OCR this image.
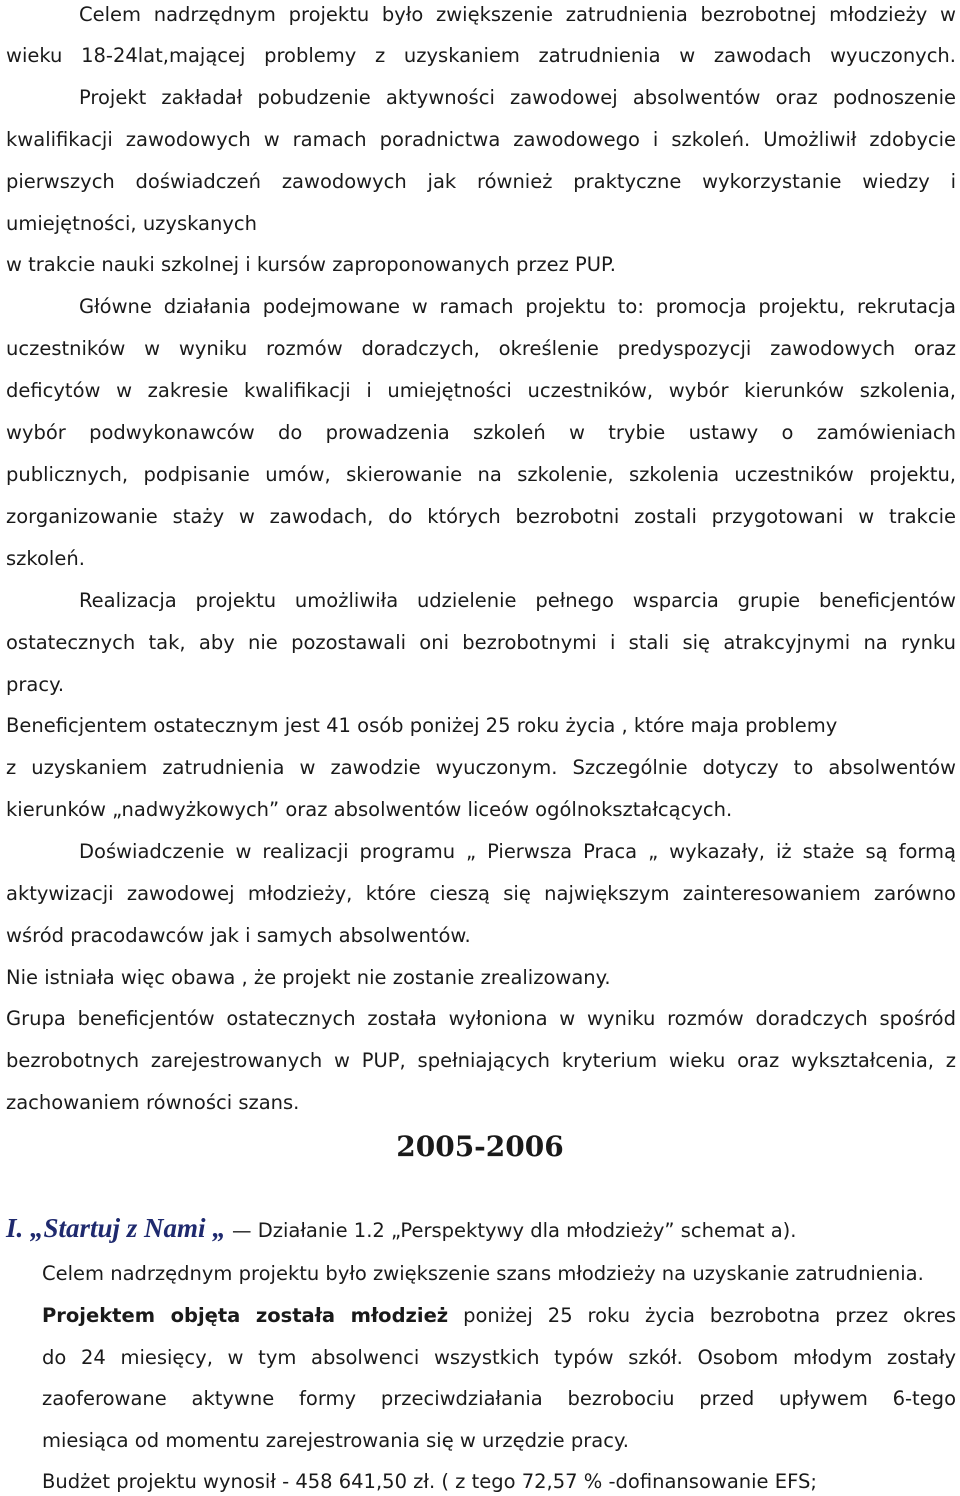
Celem nadrzędnym projektu było zwiększenie zatrudnienia bezrobotnej młodzieży w
wieku 18-24lat,mającej problemy z uzyskaniem zatrudnienia w zawodach wyuczonych.
Projekt zakładał pobudzenie aktywności zawodowej absolwentów oraz podnoszenie
kwalifikacji zawodowych w ramach poradnictwa zawodowego i szkoleń. Umożliwił zdobycie
pierwszych doświadczeń zawodowych jak również praktyczne wykorzystanie wiedzy i
umiejętności, uzyskanych
w trakcie nauki szkolnej i kursów zaproponowanych przez PUP.
Główne działania podejmowane w ramach projektu to: promocja projektu, rekrutacja
uczestników w wyniku rozmów doradczych, określenie predyspozycji zawodowych oraz
deficytów w zakresie kwalifikacji i umiejętności uczestników, wybór kierunków szkolenia,
wybór podwykonawców do prowadzenia szkoleń w trybie ustawy o zamówieniach
publicznych, podpisanie umów, skierowanie na szkolenie, szkolenia uczestników projektu,
zorganizowanie staży w zawodach, do których bezrobotni zostali przygotowani w trakcie
szkoleń.
Realizacja projektu umożliwiła udzielenie pełnego wsparcia grupie beneficjentów
ostatecznych tak, aby nie pozostawali oni bezrobotnymi i stali się atrakcyjnymi na rynku
pracy.
Beneficjentem ostatecznym jest 41 osób poniżej 25 roku życia , które maja problemy
z uzyskaniem zatrudnienia w zawodzie wyuczonym. Szczególnie dotyczy to absolwentów
kierunków „nadwyżkowych” oraz absolwentów liceów ogólnokształcących.
Doświadczenie w realizacji programu „ Pierwsza Praca „ wykazały, iż staże są formą
aktywizacji zawodowej młodzieży, które cieszą się największym zainteresowaniem zarówno
wśród pracodawców jak i samych absolwentów.
Nie istniała więc obawa , że projekt nie zostanie zrealizowany.
Grupa beneficjentów ostatecznych została wyłoniona w wyniku rozmów doradczych spośród
bezrobotnych zarejestrowanych w PUP, spełniających kryterium wieku oraz wykształcenia, z
zachowaniem równości szans.
2005-2006
I. „Startuj z Nami „ — Działanie 1.2 „Perspektywy dla młodzieży” schemat a).
Celem nadrzędnym projektu było zwiększenie szans młodzieży na uzyskanie zatrudnienia.
Projektem objęta została młodzież poniżej 25 roku życia bezrobotna przez okres
do 24 miesięcy, w tym absolwenci wszystkich typów szkół. Osobom młodym zostały
zaoferowane aktywne formy przeciwdziałania bezrobociu przed upływem 6-tego
miesiąca od momentu zarejestrowania się w urzędzie pracy.
Budżet projektu wynosił - 458 641,50 zł. ( z tego 72,57 % -dofinansowanie EFS;
